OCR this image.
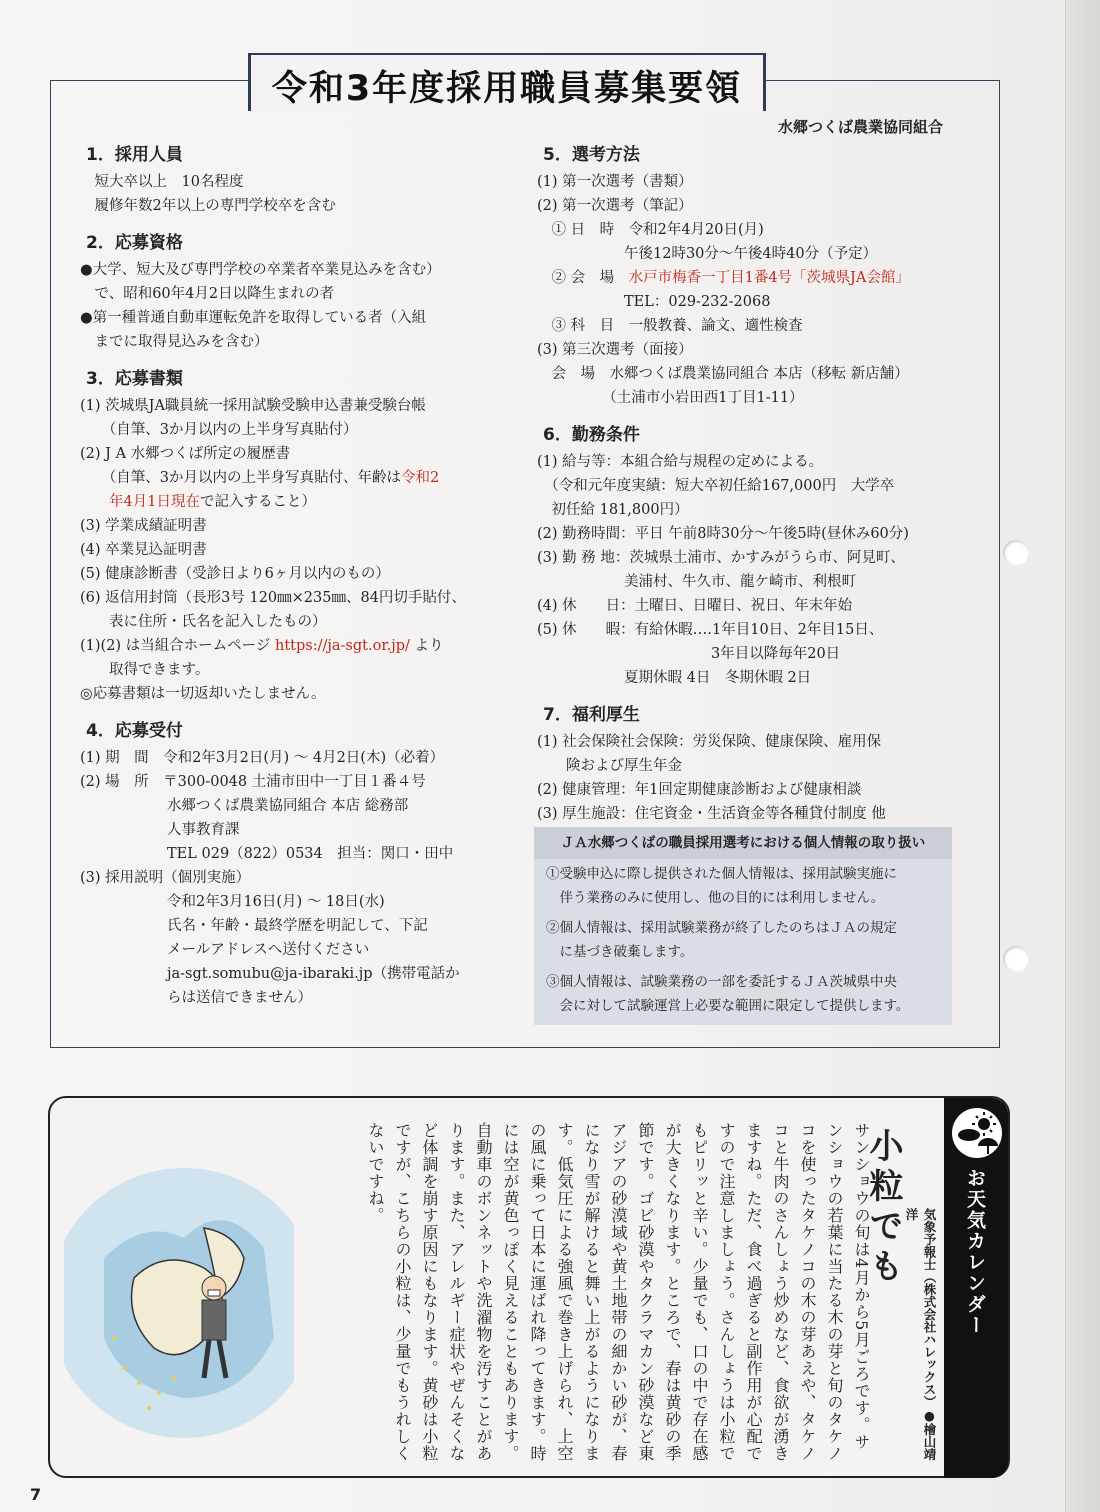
令和3年度採用職員募集要領
水郷つくば農業協同組合
1．採用人員
　短大卒以上　10名程度
　履修年数2年以上の専門学校卒を含む
2．応募資格
●大学、短大及び専門学校の卒業者卒業見込みを含む）
　で、昭和60年4月2日以降生まれの者
●第一種普通自動車運転免許を取得している者（入組
　までに取得見込みを含む）
3．応募書類
(1) 茨城県JA職員統一採用試験受験申込書兼受験台帳
　　（自筆、3か月以内の上半身写真貼付）
(2) J A 水郷つくば所定の履歴書
　　（自筆、3か月以内の上半身写真貼付、年齢は令和2
　　年4月1日現在で記入すること）
(3) 学業成績証明書
(4) 卒業見込証明書
(5) 健康診断書（受診日より6ヶ月以内のもの）
(6) 返信用封筒（長形3号 120㎜×235㎜、84円切手貼付、
　　表に住所・氏名を記入したもの）
(1)(2) は当組合ホームページ https://ja-sgt.or.jp/ より
　　取得できます。
◎応募書類は一切返却いたしません。
4．応募受付
(1) 期　間　令和2年3月2日(月) ～ 4月2日(木)（必着）
(2) 場　所　〒300-0048 土浦市田中一丁目１番４号
　　　　　　水郷つくば農業協同組合 本店 総務部
　　　　　　人事教育課
　　　　　　TEL 029（822）0534　担当：関口・田中
(3) 採用説明（個別実施）
　　　　　　令和2年3月16日(月) ～ 18日(水)
　　　　　　氏名・年齢・最終学歴を明記して、下記
　　　　　　メールアドレスへ送付ください
　　　　　　ja-sgt.somubu@ja-ibaraki.jp（携帯電話か
　　　　　　らは送信できません）
5．選考方法
(1) 第一次選考（書類）
(2) 第一次選考（筆記）
　① 日　時　令和2年4月20日(月)
　　　　　　午後12時30分～午後4時40分（予定）
　② 会　場　水戸市梅香一丁目1番4号「茨城県JA会館」
　　　　　　TEL：029-232-2068
　③ 科　目　一般教養、論文、適性検査
(3) 第三次選考（面接）
　会　場　水郷つくば農業協同組合 本店（移転 新店舗）
　　　　　（土浦市小岩田西1丁目1-11）
6．勤務条件
(1) 給与等：本組合給与規程の定めによる。
　（令和元年度実績：短大卒初任給167,000円　大学卒
　初任給 181,800円）
(2) 勤務時間：平日 午前8時30分～午後5時(昼休み60分)
(3) 勤 務 地：茨城県土浦市、かすみがうら市、阿見町、
　　　　　　美浦村、牛久市、龍ケ崎市、利根町
(4) 休　　日：土曜日、日曜日、祝日、年末年始
(5) 休　　暇：有給休暇‥‥1年目10日、2年目15日、
　　　　　　　　　　　　3年目以降毎年20日
　　　　　　夏期休暇 4日　冬期休暇 2日
7．福利厚生
(1) 社会保険社会保険：労災保険、健康保険、雇用保
　　険および厚生年金
(2) 健康管理：年1回定期健康診断および健康相談
(3) 厚生施設：住宅資金・生活資金等各種貸付制度 他
ＪＡ水郷つくばの職員採用選考における個人情報の取り扱い
①受験申込に際し提供された個人情報は、採用試験実施に
　伴う業務のみに使用し、他の目的には利用しません。
②個人情報は、採用試験業務が終了したのちはＪＡの規定
　に基づき破棄します。
③個人情報は、試験業務の一部を委託するＪＡ茨城県中央
　会に対して試験運営上必要な範囲に限定して提供します。
お天気カレンダー
気象予報士（株式会社ハレックス）●檜山靖洋
小粒でも
サンショウの旬は4月から5月ごろです。サンショウの若葉に当たる木の芽と旬のタケノコを使ったタケノコの木の芽あえや、タケノコと牛肉のさんしょう炒めなど、食欲が湧きますね。ただ、食べ過ぎると副作用が心配ですので注意しましょう。さんしょうは小粒でもピリッと辛い。少量でも、口の中で存在感が大きくなります。ところで、春は黄砂の季節です。ゴビ砂漠やタクラマカン砂漠など東アジアの砂漠域や黄土地帯の細かい砂が、春になり雪が解けると舞い上がるようになります。低気圧による強風で巻き上げられ、上空の風に乗って日本に運ばれ降ってきます。時には空が黄色っぽく見えることもあります。自動車のボンネットや洗濯物を汚すことがあります。また、アレルギー症状やぜんそくなど体調を崩す原因にもなります。黄砂は小粒ですが、こちらの小粒は、少量でもうれしくないですね。
7
